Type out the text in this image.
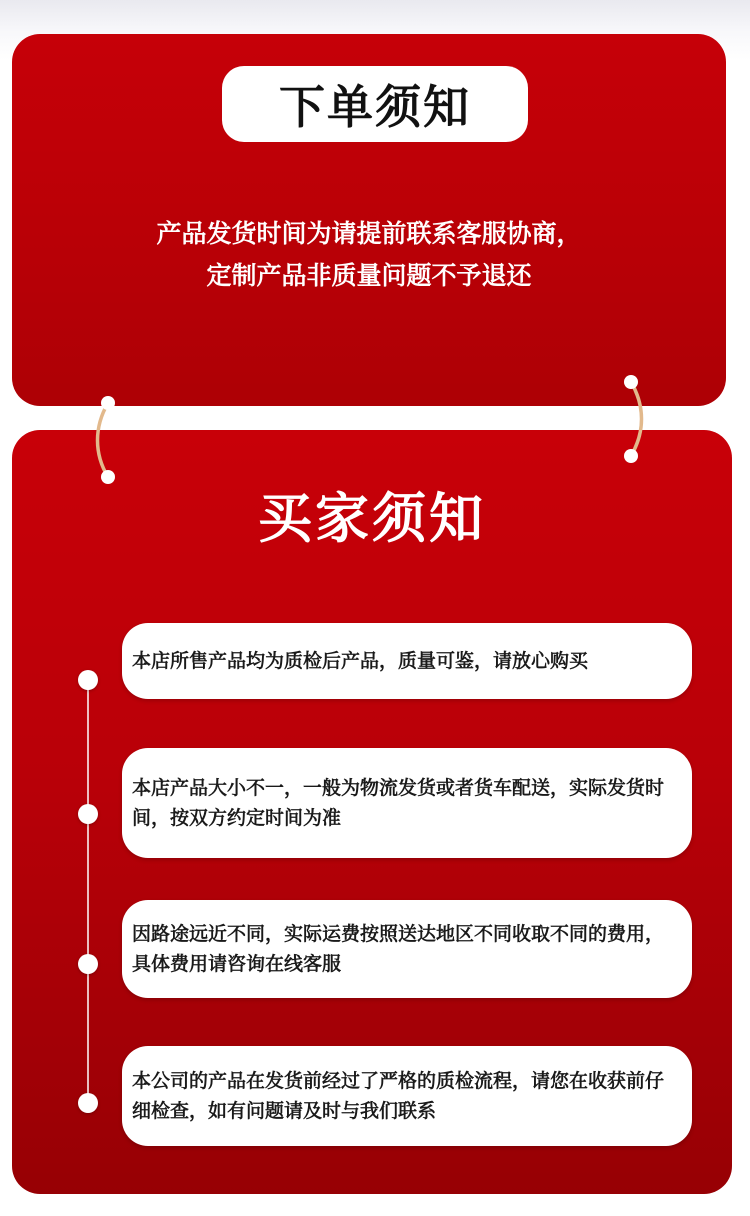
下单须知
产品发货时间为请提前联系客服协商，
定制产品非质量问题不予退还
买家须知
本店所售产品均为质检后产品，质量可鉴，请放心购买
本店产品大小不一，一般为物流发货或者货车配送，实际发货时间，按双方约定时间为准
因路途远近不同，实际运费按照送达地区不同收取不同的费用，具体费用请咨询在线客服
本公司的产品在发货前经过了严格的质检流程，请您在收获前仔细检查，如有问题请及时与我们联系
